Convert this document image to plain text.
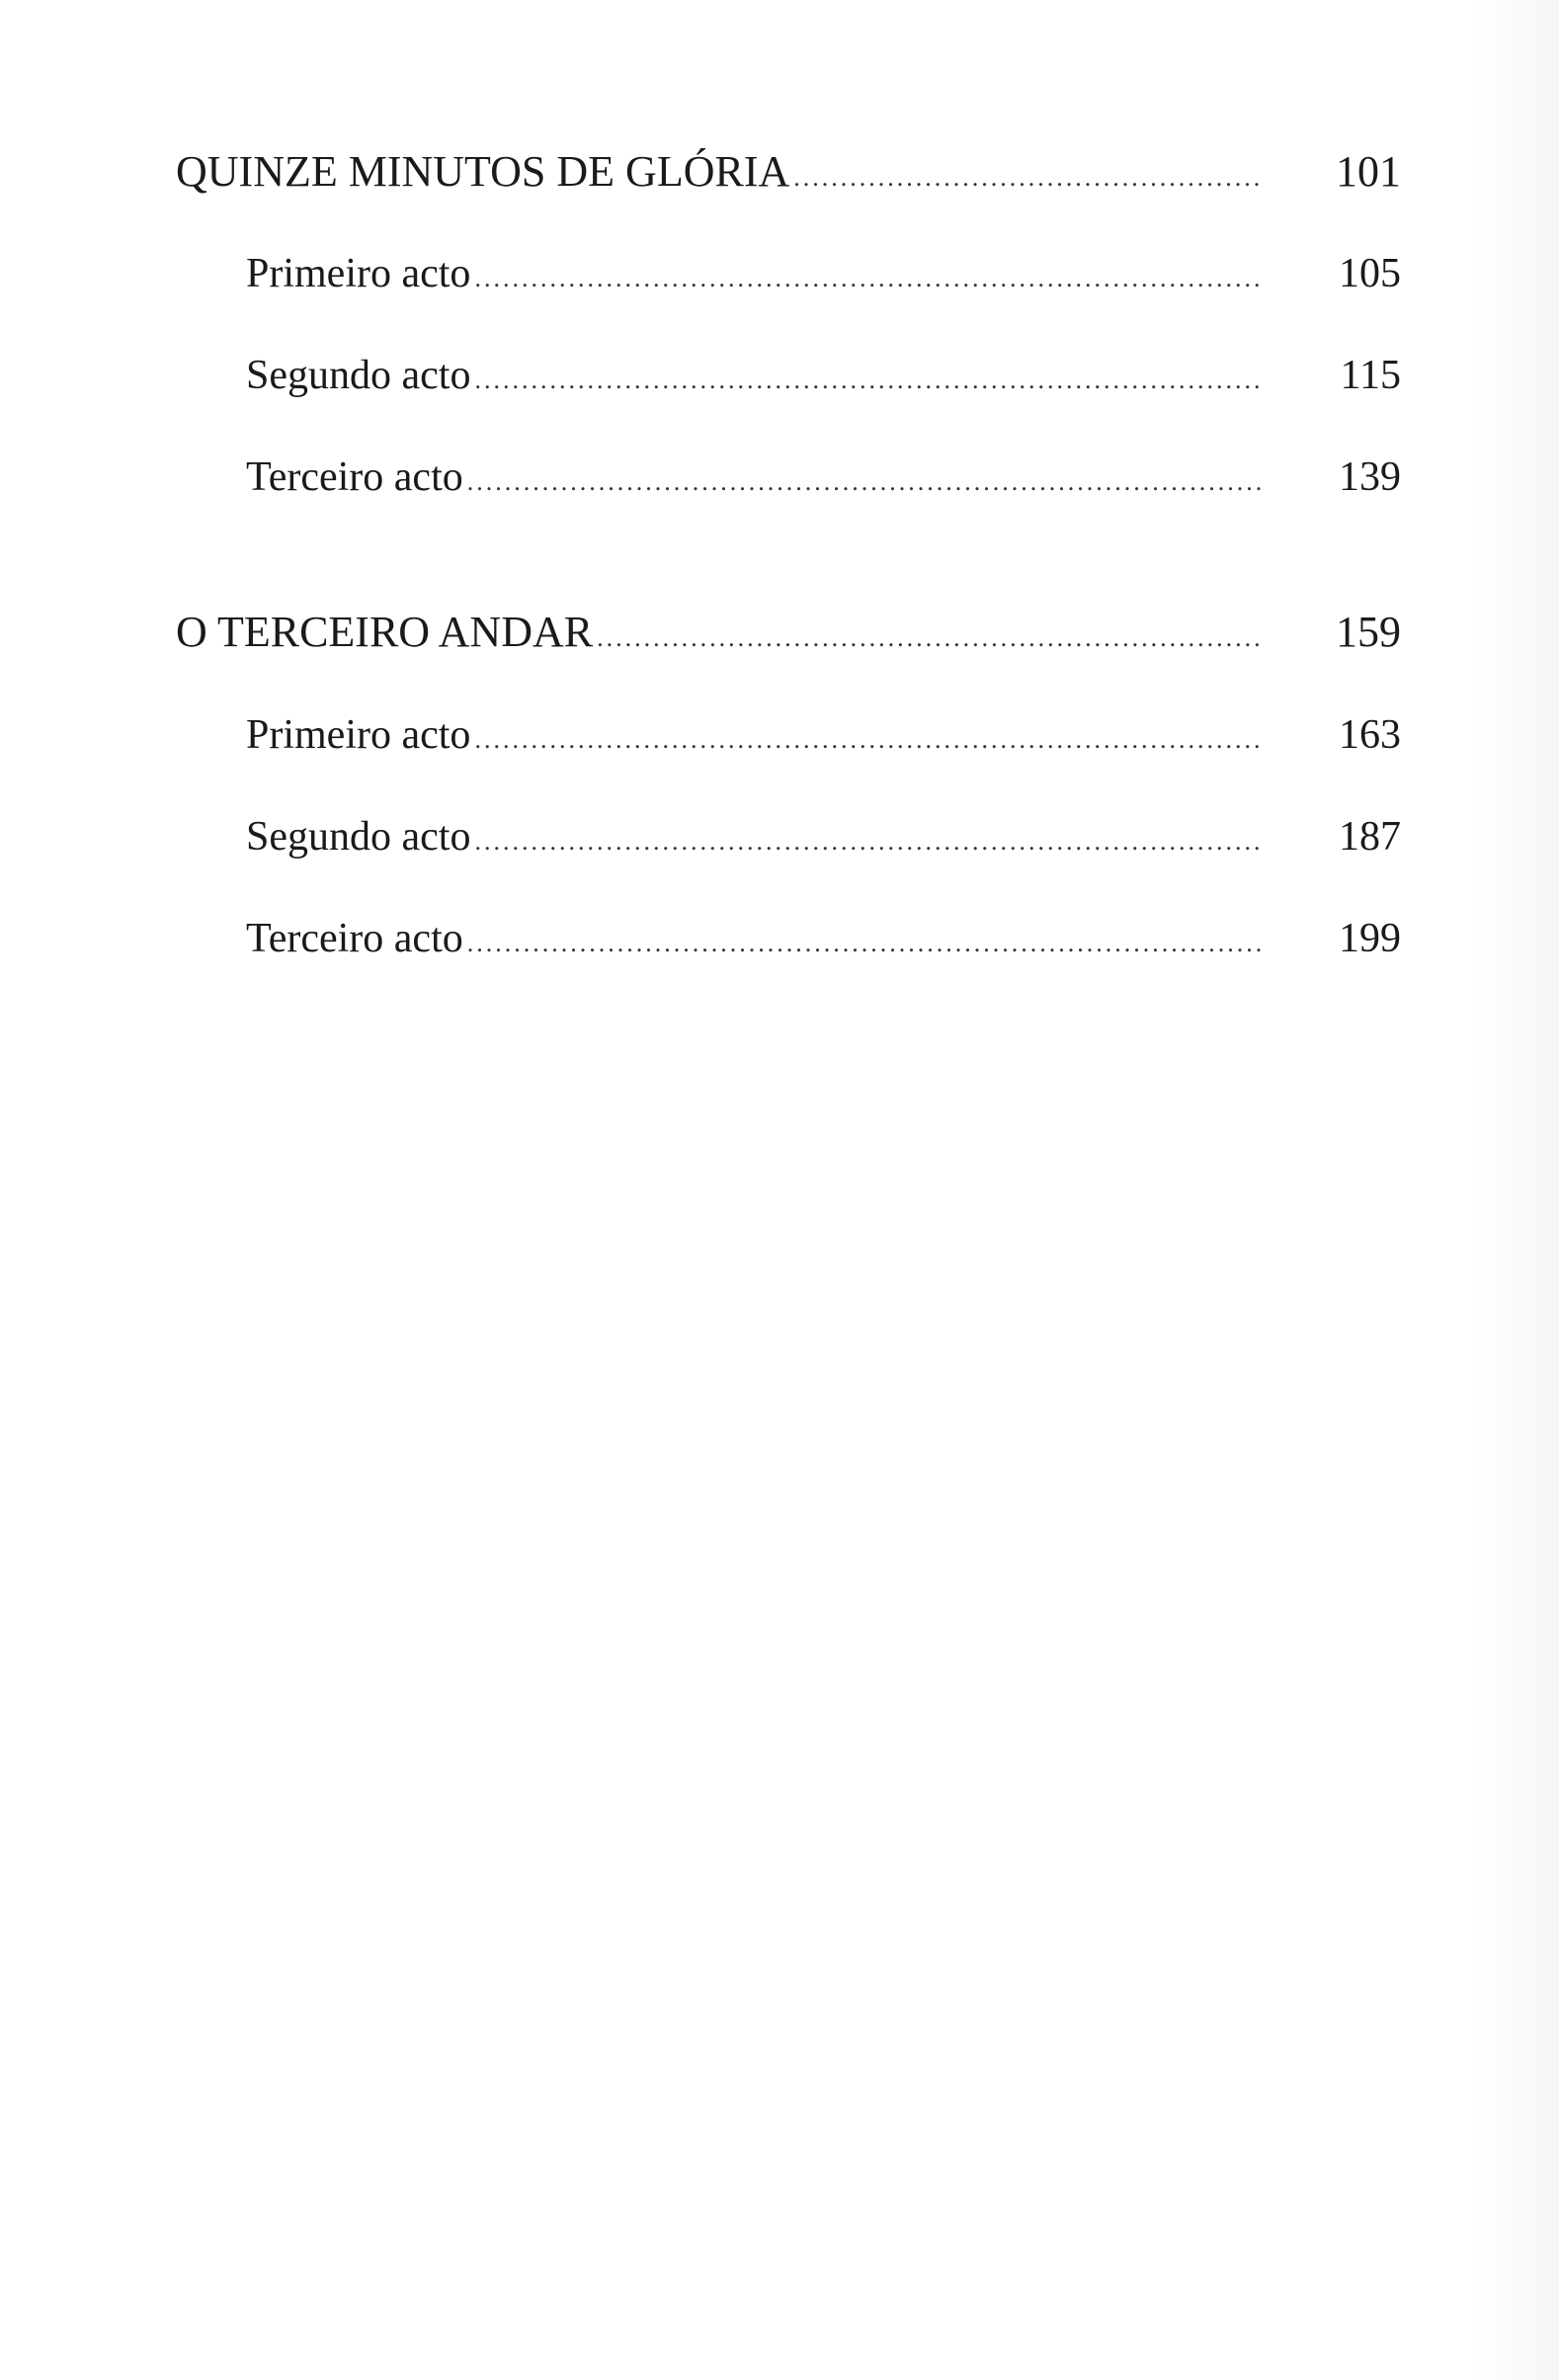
QUINZE MINUTOS DE GLÓRIA .....	101
Primeiro acto .....	105
Segundo acto .....	115
Terceiro acto .....	139
O TERCEIRO ANDAR .....	159
Primeiro acto .....	163
Segundo acto .....	187
Terceiro acto .....	199
